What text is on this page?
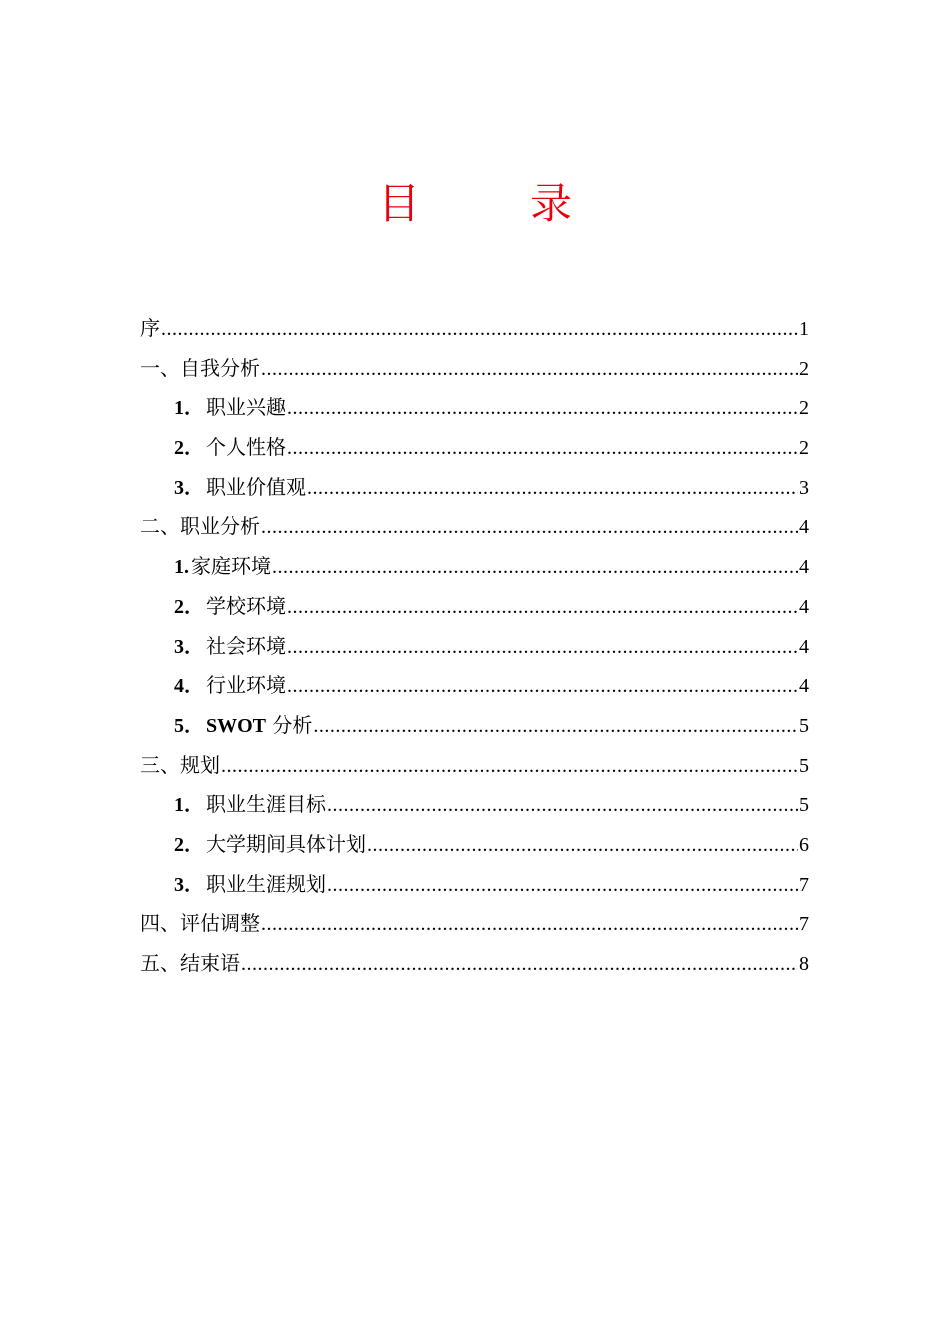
目　录
序 .....	1
一、自我分析 .....	2
1． 职业兴趣 .....	2
2． 个人性格 .....	2
3． 职业价值观 .....	3
二、职业分析 .....	4
1. 家庭环境 .....	4
2． 学校环境 .....	4
3． 社会环境 .....	4
4． 行业环境 .....	4
5． SWOT 分析 .....	5
三、规划 .....	5
1． 职业生涯目标 .....	5
2． 大学期间具体计划 .....	6
3． 职业生涯规划 .....	7
四、评估调整 .....	7
五、结束语 .....	8
